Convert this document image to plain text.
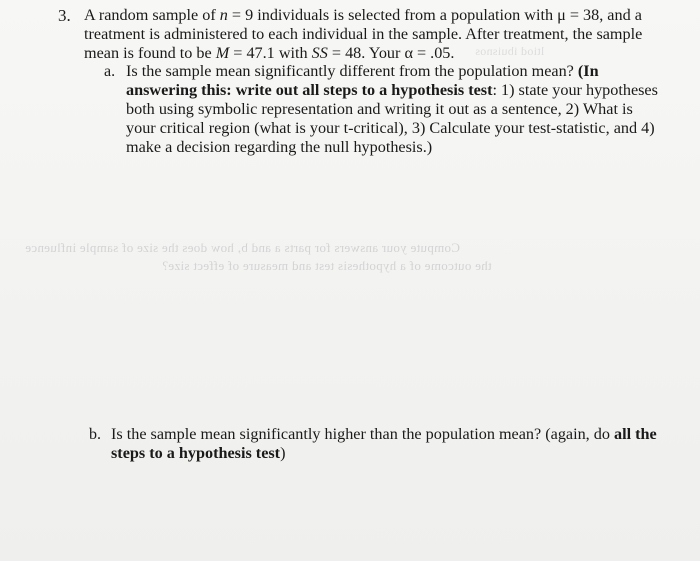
3. A random sample of n = 9 individuals is selected from a population with μ = 38, and a treatment is administered to each individual in the sample. After treatment, the sample mean is found to be M = 47.1 with SS = 48. Your α = .05.	ltiod ibuisnos
a. Is the sample mean significantly different from the population mean? (In answering this: write out all steps to a hypothesis test: 1) state your hypotheses both using symbolic representation and writing it out as a sentence, 2) What is your critical region (what is your t-critical), 3) Calculate your test-statistic, and 4) make a decision regarding the null hypothesis.)
Compute your answers for parts a and b, how does the size of sample influence
the outcome of a hypothesis test and measure of effect size?
b. Is the sample mean significantly higher than the population mean? (again, do all the steps to a hypothesis test)
